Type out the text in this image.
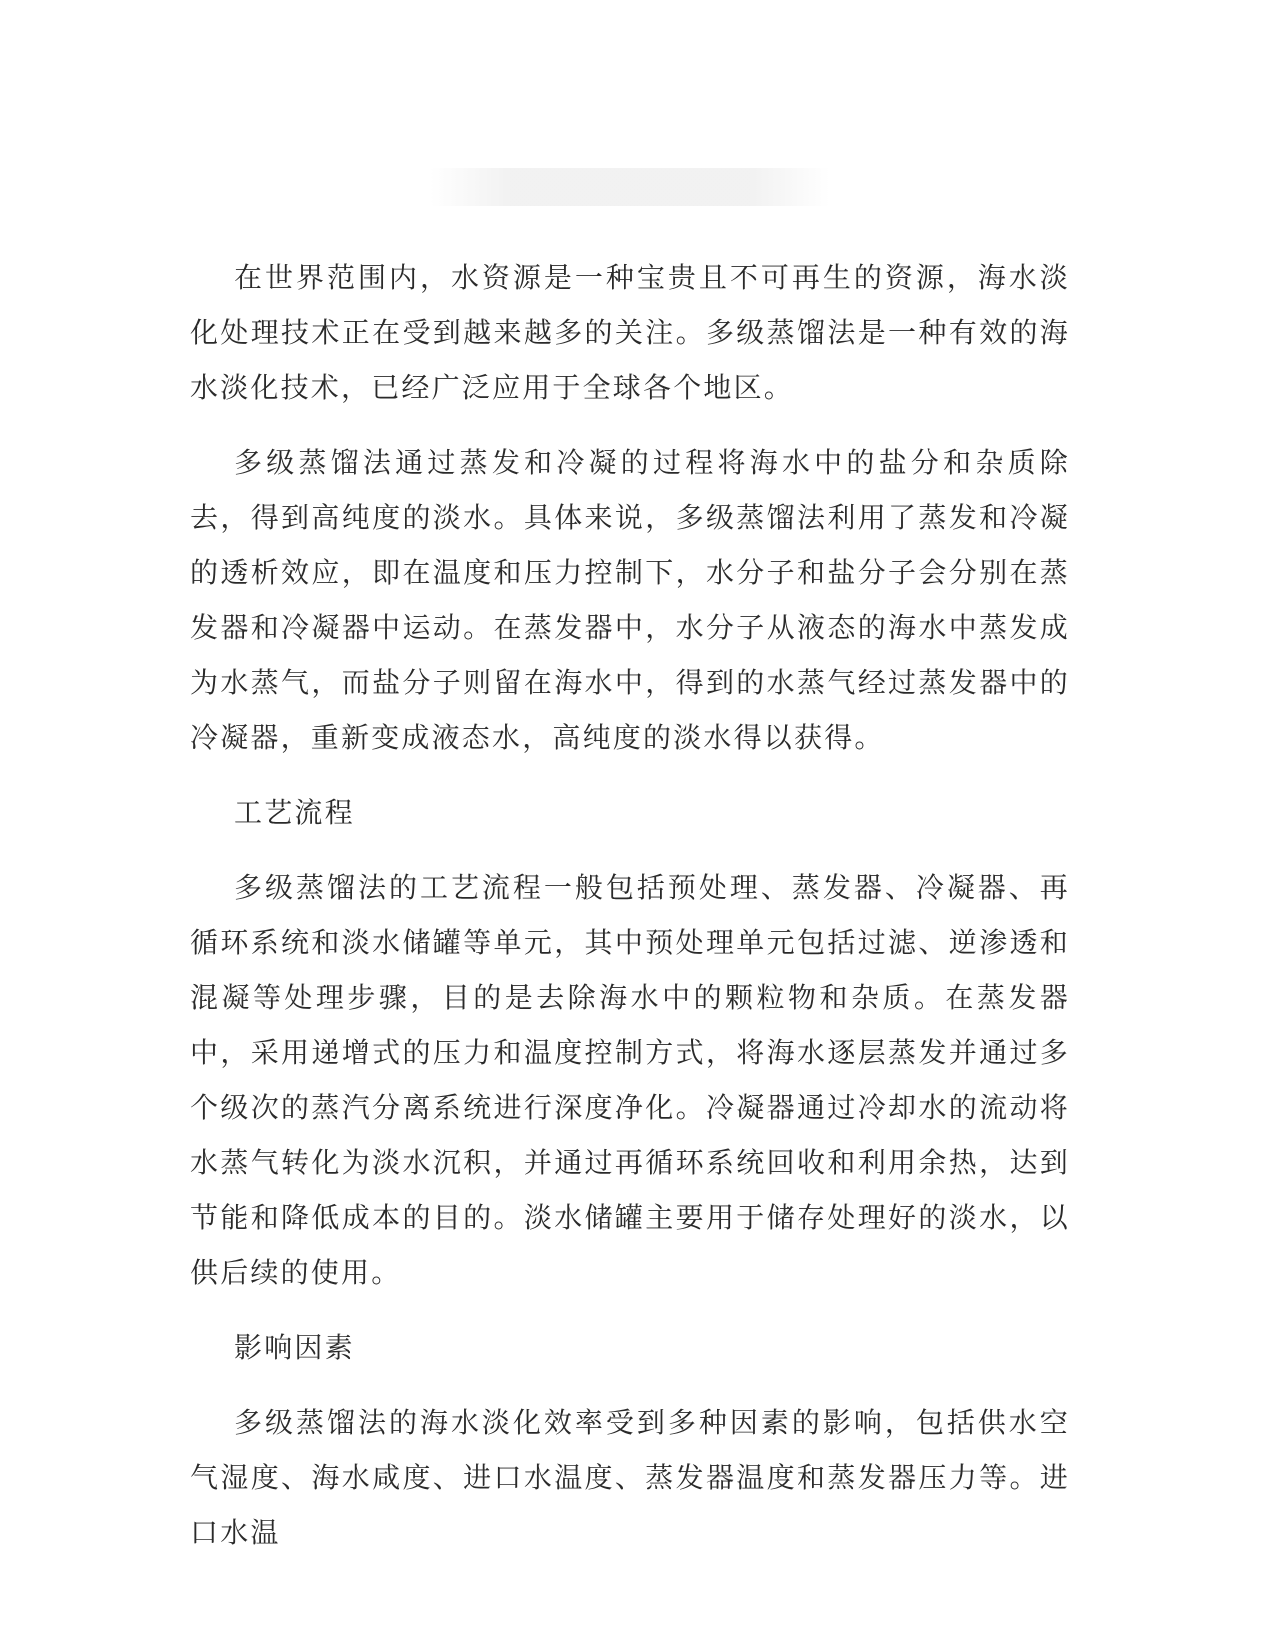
在世界范围内，水资源是一种宝贵且不可再生的资源，海水淡化处理技术正在受到越来越多的关注。多级蒸馏法是一种有效的海水淡化技术，已经广泛应用于全球各个地区。

多级蒸馏法通过蒸发和冷凝的过程将海水中的盐分和杂质除去，得到高纯度的淡水。具体来说，多级蒸馏法利用了蒸发和冷凝的透析效应，即在温度和压力控制下，水分子和盐分子会分别在蒸发器和冷凝器中运动。在蒸发器中，水分子从液态的海水中蒸发成为水蒸气，而盐分子则留在海水中，得到的水蒸气经过蒸发器中的冷凝器，重新变成液态水，高纯度的淡水得以获得。

工艺流程

多级蒸馏法的工艺流程一般包括预处理、蒸发器、冷凝器、再循环系统和淡水储罐等单元，其中预处理单元包括过滤、逆渗透和混凝等处理步骤，目的是去除海水中的颗粒物和杂质。在蒸发器中，采用递增式的压力和温度控制方式，将海水逐层蒸发并通过多个级次的蒸汽分离系统进行深度净化。冷凝器通过冷却水的流动将水蒸气转化为淡水沉积，并通过再循环系统回收和利用余热，达到节能和降低成本的目的。淡水储罐主要用于储存处理好的淡水，以供后续的使用。

影响因素

多级蒸馏法的海水淡化效率受到多种因素的影响，包括供水空气湿度、海水咸度、进口水温度、蒸发器温度和蒸发器压力等。进口水温
